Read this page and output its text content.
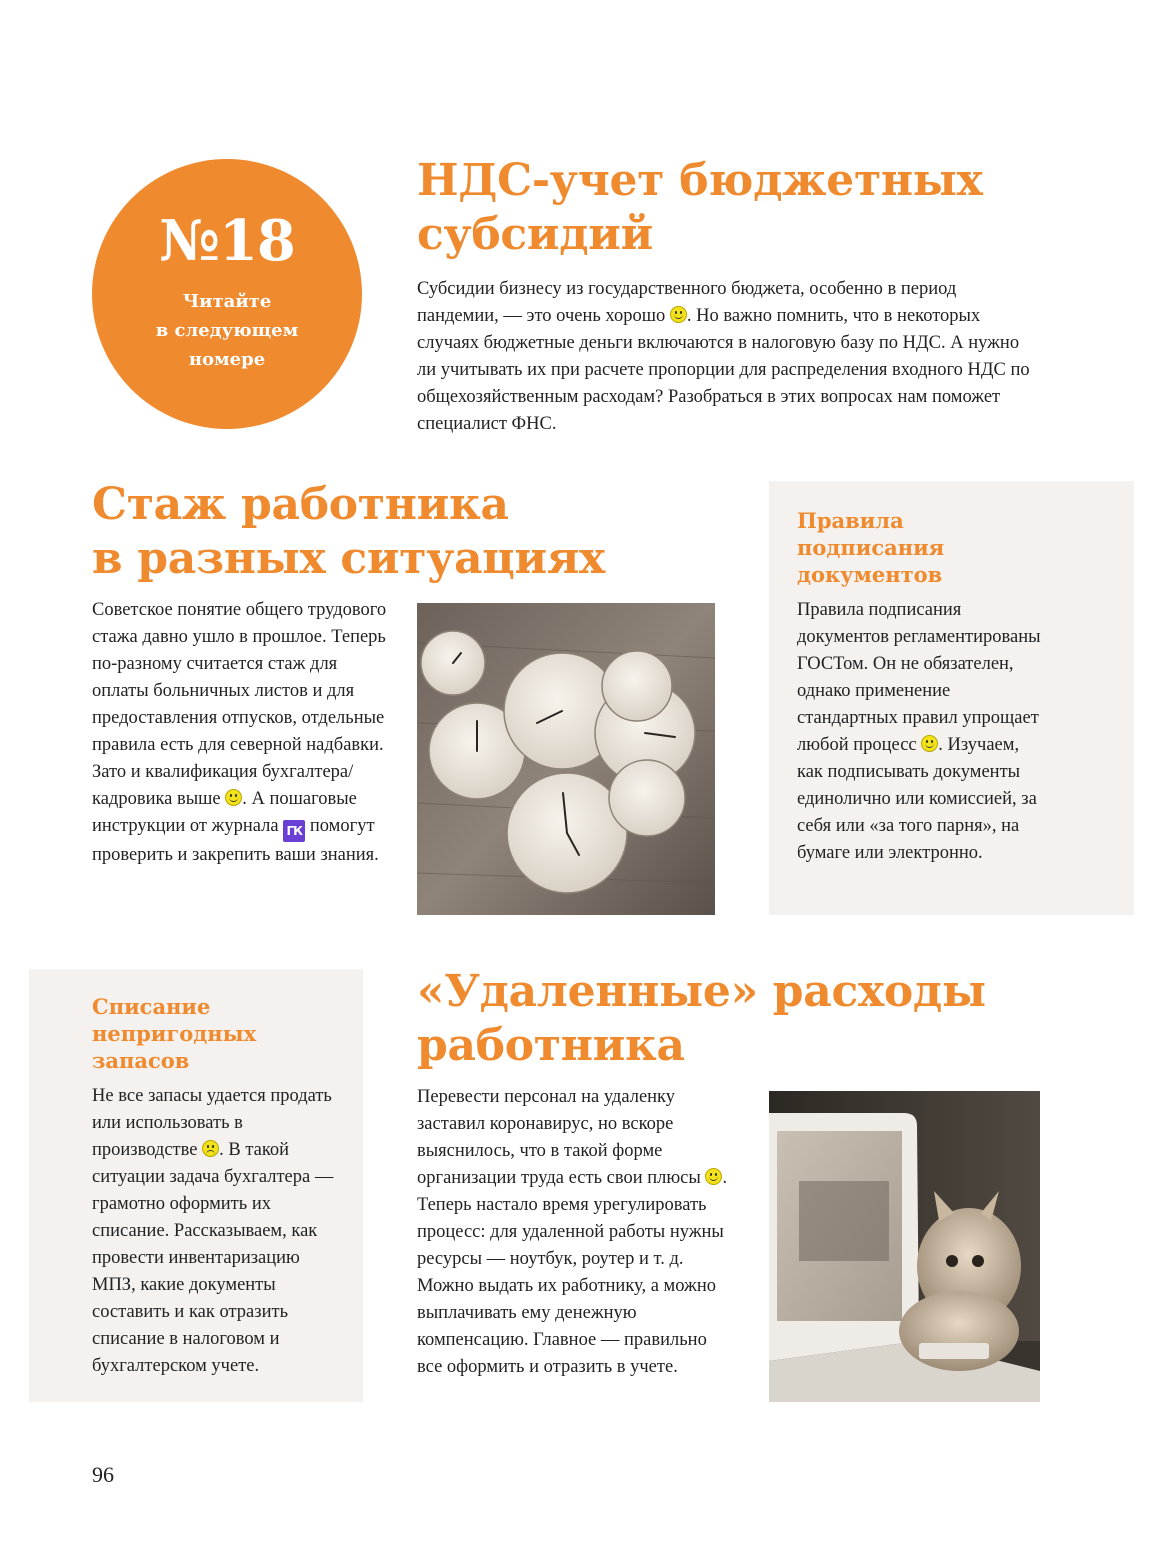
№18
Читайте
в следующем
номере
НДС-учет бюджетных
субсидий

Субсидии бизнесу из государственного бюджета, особенно в период пандемии, — это очень хорошо . Но важно помнить, что в некоторых случаях бюджетные деньги включаются в налоговую базу по НДС. А нужно ли учитывать их при расчете пропорции для распределения входного НДС по общехозяйственным расходам? Разобраться в этих вопросах нам поможет специалист ФНС.

Стаж работника
в разных ситуациях

Советское понятие общего трудового стажа давно ушло в прошлое. Теперь по-разному считается стаж для оплаты больничных листов и для предоставления отпусков, отдельные правила есть для северной надбавки. Зато и квалификация бухгалтера/кадровика выше . А пошаговые инструкции от журнала ГК помогут проверить и закрепить ваши знания.

Правила
подписания
документов

Правила подписания документов регламентированы ГОСТом. Он не обязателен, однако применение стандартных правил упрощает любой процесс . Изучаем, как подписывать документы единолично или комиссией, за себя или «за того парня», на бумаге или электронно.

Списание
непригодных
запасов

Не все запасы удается продать или использовать в производстве . В такой ситуации задача бухгалтера — грамотно оформить их списание. Рассказываем, как провести инвентаризацию МПЗ, какие документы составить и как отразить списание в налоговом и бухгалтерском учете.

«Удаленные» расходы
работника

Перевести персонал на удаленку заставил коронавирус, но вскоре выяснилось, что в такой форме организации труда есть свои плюсы . Теперь настало время урегулировать процесс: для удаленной работы нужны ресурсы — ноутбук, роутер и т. д. Можно выдать их работнику, а можно выплачивать ему денежную компенсацию. Главное — правильно все оформить и отразить в учете.

96
